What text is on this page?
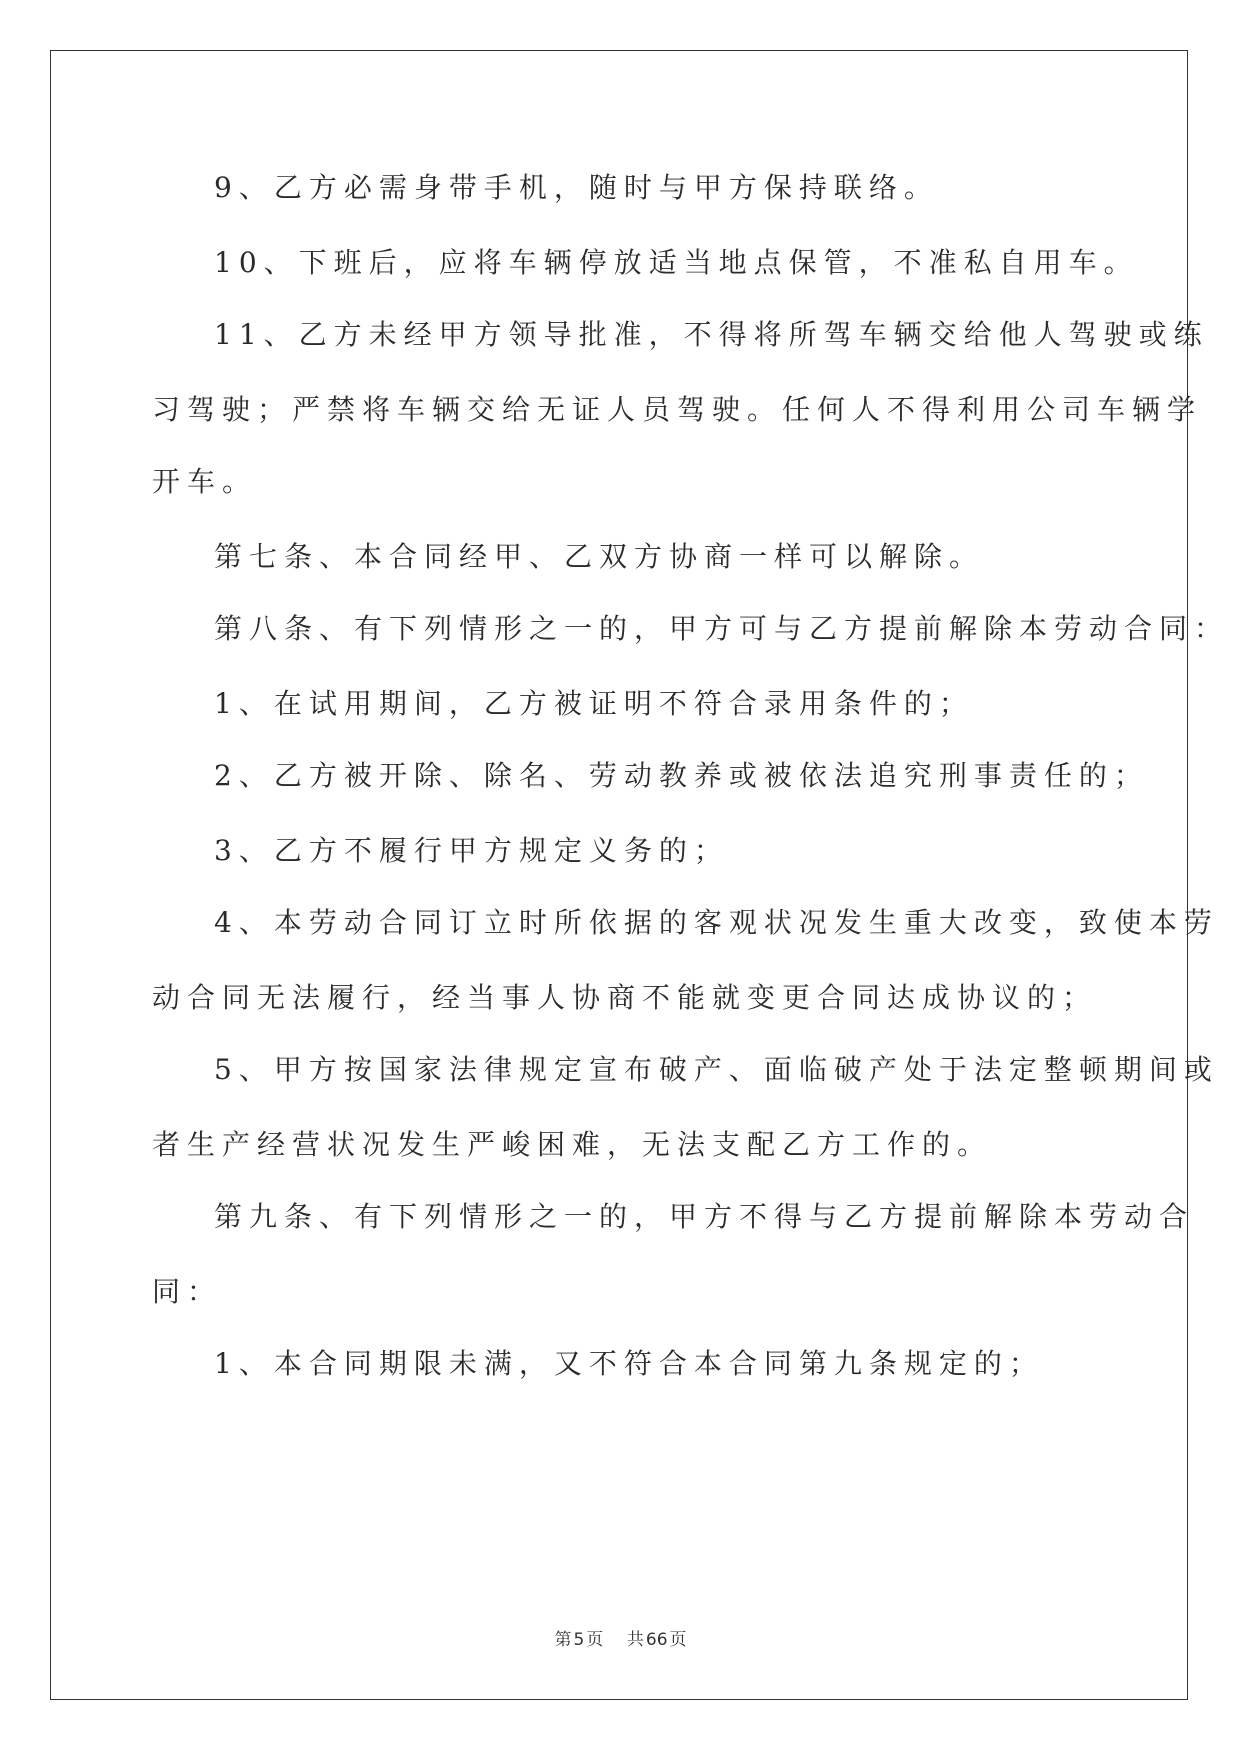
9、乙方必需身带手机，随时与甲方保持联络。
10、下班后，应将车辆停放适当地点保管，不准私自用车。
11、乙方未经甲方领导批准，不得将所驾车辆交给他人驾驶或练
习驾驶；严禁将车辆交给无证人员驾驶。任何人不得利用公司车辆学
开车。
第七条、本合同经甲、乙双方协商一样可以解除。
第八条、有下列情形之一的，甲方可与乙方提前解除本劳动合同：
1、在试用期间，乙方被证明不符合录用条件的；
2、乙方被开除、除名、劳动教养或被依法追究刑事责任的；
3、乙方不履行甲方规定义务的；
4、本劳动合同订立时所依据的客观状况发生重大改变，致使本劳
动合同无法履行，经当事人协商不能就变更合同达成协议的；
5、甲方按国家法律规定宣布破产、面临破产处于法定整顿期间或
者生产经营状况发生严峻困难，无法支配乙方工作的。
第九条、有下列情形之一的，甲方不得与乙方提前解除本劳动合
同：
1、本合同期限未满，又不符合本合同第九条规定的；
第 5 页 共 66 页
